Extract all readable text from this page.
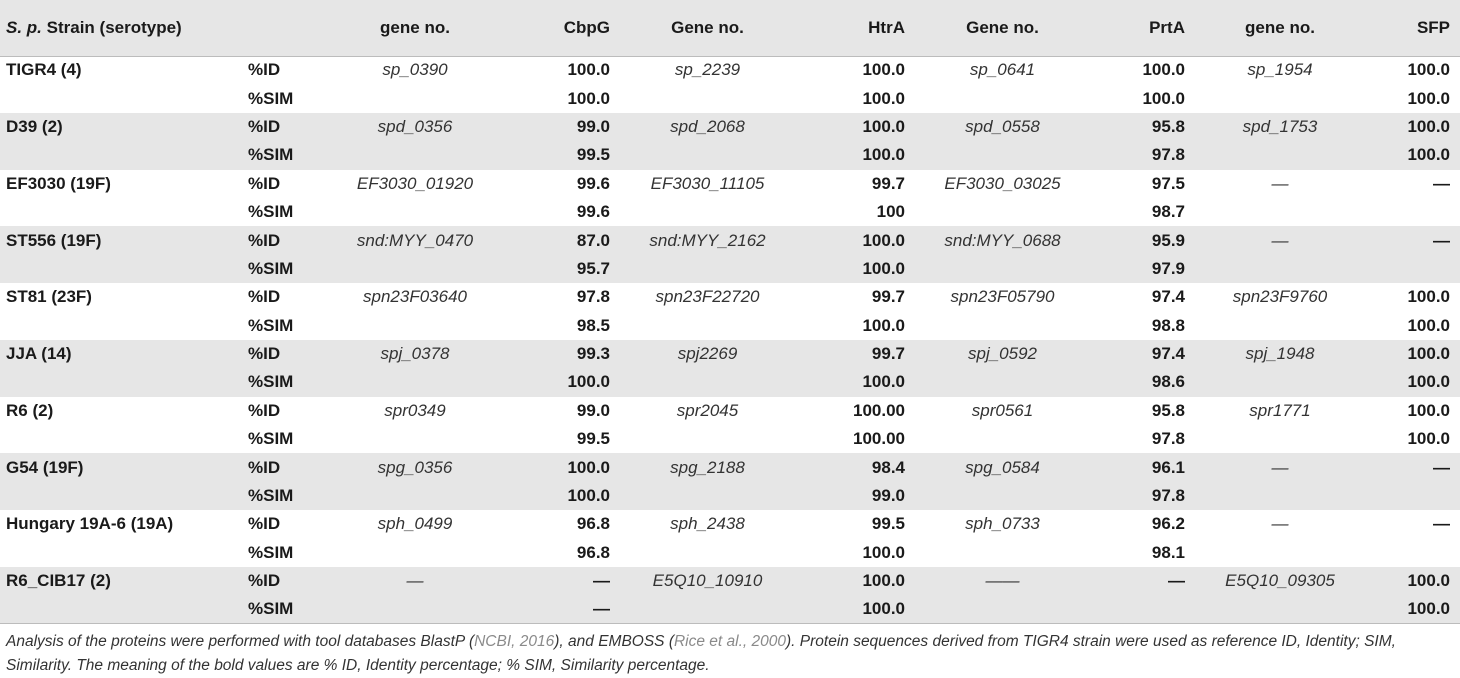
S. p. Strain (serotype)		gene no.	CbpG	Gene no.	HtrA	Gene no.	PrtA	gene no.	SFP
TIGR4 (4)	%ID	sp_0390	100.0	sp_2239	100.0	sp_0641	100.0	sp_1954	100.0
	%SIM		100.0		100.0		100.0		100.0
D39 (2)	%ID	spd_0356	99.0	spd_2068	100.0	spd_0558	95.8	spd_1753	100.0
	%SIM		99.5		100.0		97.8		100.0
EF3030 (19F)	%ID	EF3030_01920	99.6	EF3030_11105	99.7	EF3030_03025	97.5	—	—
	%SIM		99.6		100		98.7		
ST556 (19F)	%ID	snd:MYY_0470	87.0	snd:MYY_2162	100.0	snd:MYY_0688	95.9	—	—
	%SIM		95.7		100.0		97.9		
ST81 (23F)	%ID	spn23F03640	97.8	spn23F22720	99.7	spn23F05790	97.4	spn23F9760	100.0
	%SIM		98.5		100.0		98.8		100.0
JJA (14)	%ID	spj_0378	99.3	spj2269	99.7	spj_0592	97.4	spj_1948	100.0
	%SIM		100.0		100.0		98.6		100.0
R6 (2)	%ID	spr0349	99.0	spr2045	100.00	spr0561	95.8	spr1771	100.0
	%SIM		99.5		100.00		97.8		100.0
G54 (19F)	%ID	spg_0356	100.0	spg_2188	98.4	spg_0584	96.1	—	—
	%SIM		100.0		99.0		97.8		
Hungary 19A-6 (19A)	%ID	sph_0499	96.8	sph_2438	99.5	sph_0733	96.2	—	—
	%SIM		96.8		100.0		98.1		
R6_CIB17 (2)	%ID	—	—	E5Q10_10910	100.0	——	—	E5Q10_09305	100.0
	%SIM		—		100.0				100.0
Analysis of the proteins were performed with tool databases BlastP (NCBI, 2016), and EMBOSS (Rice et al., 2000). Protein sequences derived from TIGR4 strain were used as reference ID, Identity; SIM, Similarity. The meaning of the bold values are % ID, Identity percentage; % SIM, Similarity percentage.
